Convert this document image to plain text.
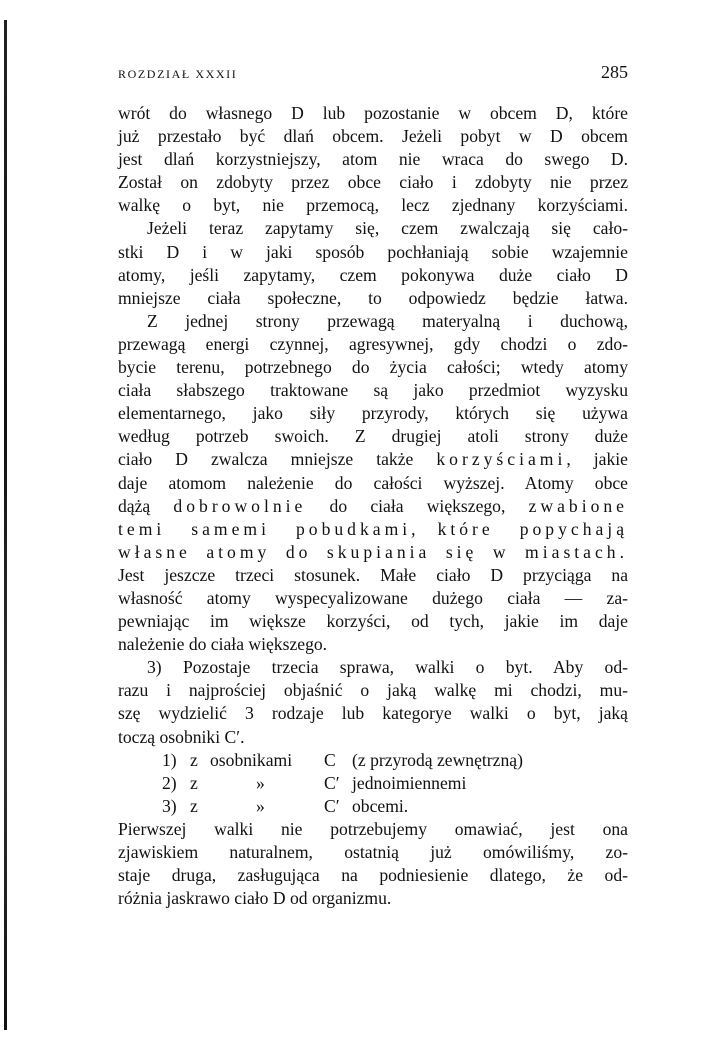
ROZDZIAŁ XXXII	285
wrót do własnego D lub pozostanie w obcem D, które
już przestało być dlań obcem. Jeżeli pobyt w D obcem
jest dlań korzystniejszy, atom nie wraca do swego D.
Został on zdobyty przez obce ciało i zdobyty nie przez
walkę o byt, nie przemocą, lecz zjednany korzyściami.
Jeżeli teraz zapytamy się, czem zwalczają się cało-
stki D i w jaki sposób pochłaniają sobie wzajemnie
atomy, jeśli zapytamy, czem pokonywa duże ciało D
mniejsze ciała społeczne, to odpowiedz będzie łatwa.
Z jednej strony przewagą materyalną i duchową,
przewagą energi czynnej, agresywnej, gdy chodzi o zdo-
bycie terenu, potrzebnego do życia całości; wtedy atomy
ciała słabszego traktowane są jako przedmiot wyzysku
elementarnego, jako siły przyrody, których się używa
według potrzeb swoich. Z drugiej atoli strony duże
ciało D zwalcza mniejsze także korzyściami, jakie
daje atomom należenie do całości wyższej. Atomy obce
dążą dobrowolnie do ciała większego, zwabione
temi samemi pobudkami, które popychają
własne atomy do skupiania się w miastach.
Jest jeszcze trzeci stosunek. Małe ciało D przyciąga na
własność atomy wyspecyalizowane dużego ciała — za-
pewniając im większe korzyści, od tych, jakie im daje
należenie do ciała większego.
3) Pozostaje trzecia sprawa, walki o byt. Aby od-
razu i najprościej objaśnić o jaką walkę mi chodzi, mu-
szę wydzielić 3 rodzaje lub kategorye walki o byt, jaką
toczą osobniki C′.
1) z osobnikami C (z przyrodą zewnętrzną)
2) z	»	C′ jednoimiennemi
3) z	»	C′ obcemi.
Pierwszej walki nie potrzebujemy omawiać, jest ona
zjawiskiem naturalnem, ostatnią już omówiliśmy, zo-
staje druga, zasługująca na podniesienie dlatego, że od-
różnia jaskrawo ciało D od organizmu.
